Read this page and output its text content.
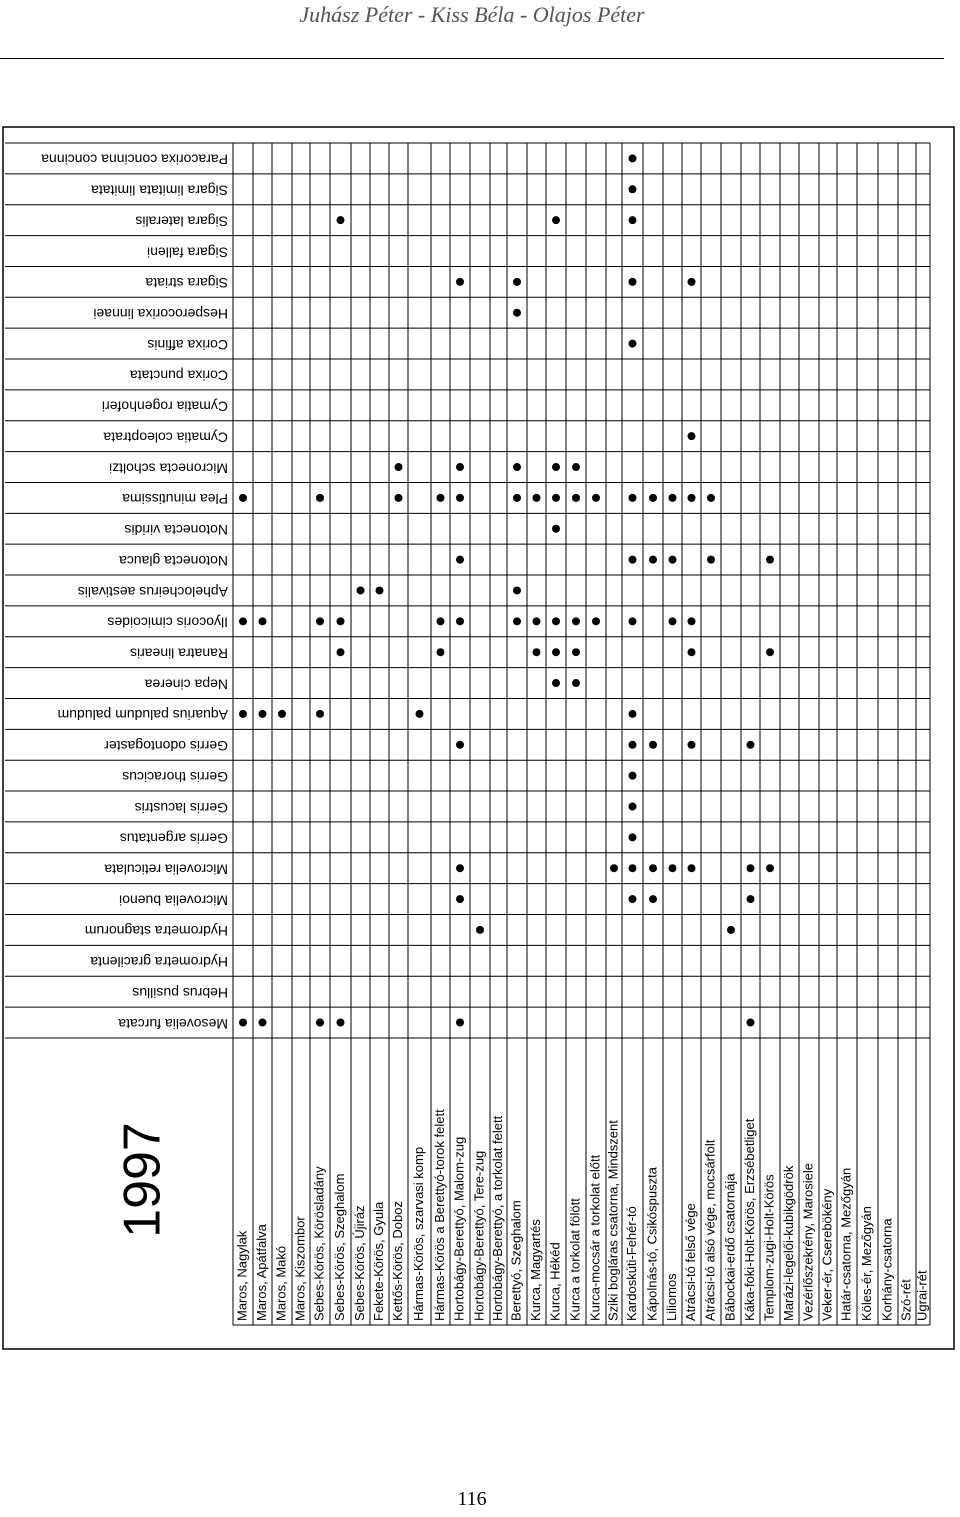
Juhász Péter - Kiss Béla - Olajos Péter
1997
Paracorixa concinna concinna
Sigara limitata limitata
Sigara lateralis
Sigara falleni
Sigara striata
Hesperocorixa linnaei
Corixa affinis
Corixa punctata
Cymatia rogenhoferi
Cymatia coleoptrata
Micronecta scholtzi
Plea minutissima
Notonecta viridis
Notonecta glauca
Aphelocheirus aestivalis
Ilyocoris cimicoides
Ranatra linearis
Nepa cinerea
Aquarius paludum paludum
Gerris odontogaster
Gerris thoracicus
Gerris lacustris
Gerris argentatus
Microvelia reticulata
Microvelia buenoi
Hydrometra stagnorum
Hydrometra gracilenta
Hebrus pusillus
Mesovelia furcata
Maros, Nagylak Maros, Apátfalva Maros, Makó Maros, Kiszombor Sebes-Körös, Körösladány Sebes-Körös, Szeghalom Sebes-Körös, Újiráz Fekete-Körös, Gyula Kettős-Körös, Doboz Hármas-Körös, szarvasi komp Hármas-Körös a Berettyó-torok felett Hortobágy-Berettyó, Malom-zug Hortobágy-Berettyó, Tere-zug Hortobágy-Berettyó, a torkolat felett Berettyó, Szeghalom Kurca, Magyartés Kurca, Hékéd Kurca a torkolat fölött Kurca-mocsár a torkolat előtt Sziki bogláras csatorna, Mindszent Kardoskúti-Fehér-tó Kápolnás-tó, Csikóspuszta Liliomos Atrácsi-tó felső vége Atrácsi-tó alsó vége, mocsárfolt Bábockai-erdő csatornája Káka-foki-Holt-Körös, Erzsébetliget Templom-zugi-Holt-Körös Marázi-legelői-kubikgödrök Vezérlőszekrény, Marosiele Veker-ér, Cserebökény Határ-csatorna, Mezőgyán Köles-ér, Mezőgyán Korhány-csatorna Szó-rét Ugrai-rét
116
